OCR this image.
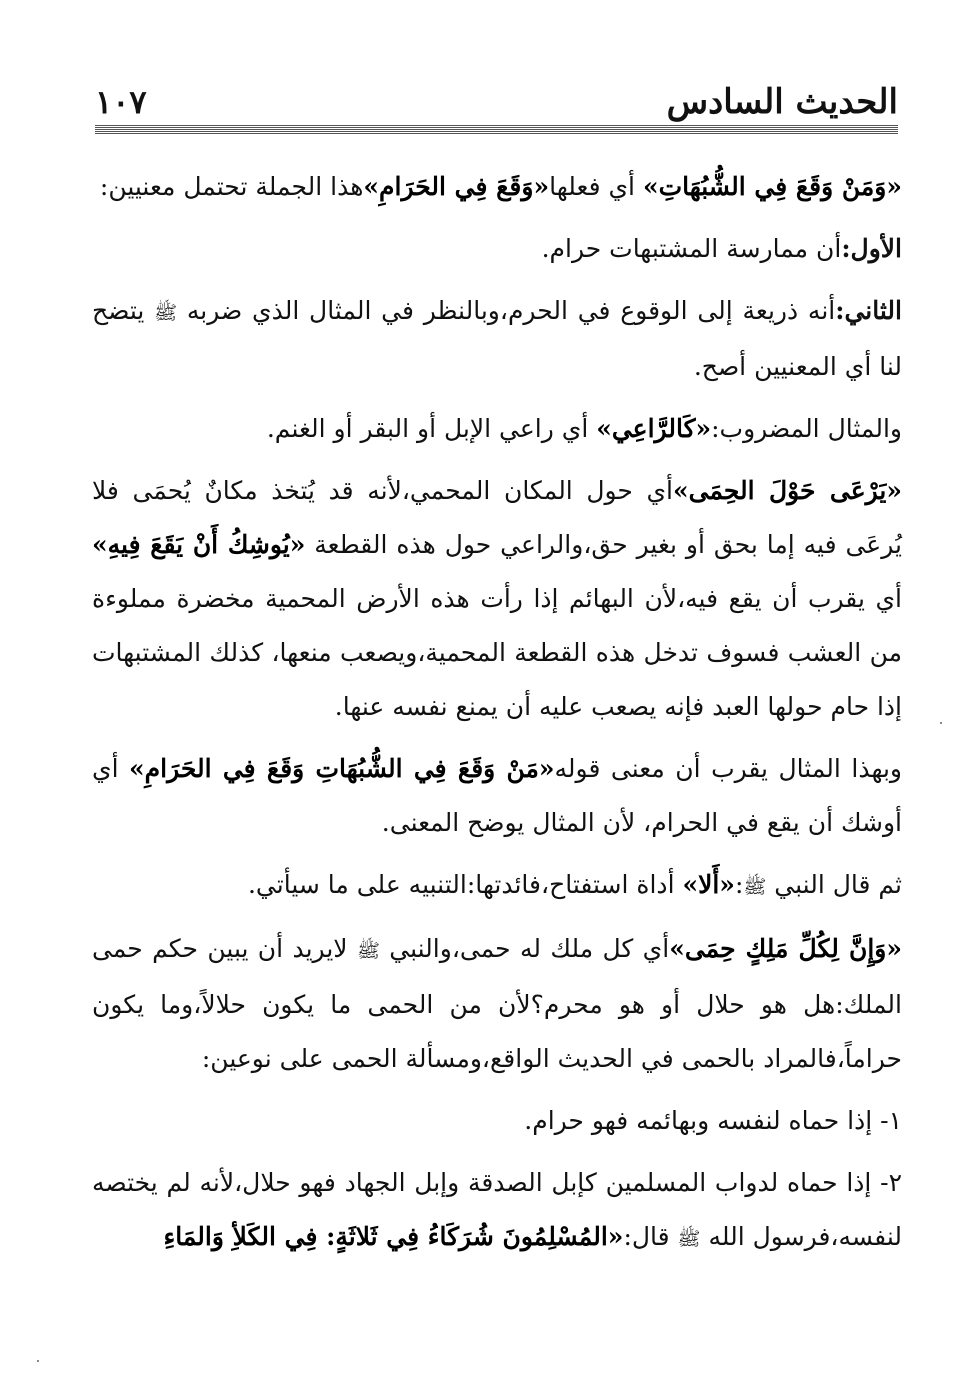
الحديث السادس
١٠٧

«وَمَنْ وَقَعَ فِي الشُّبُهَاتِ» أي فعلها«وَقَعَ فِي الحَرَامِ»هذا الجملة تحتمل معنيين:

الأول:أن ممارسة المشتبهات حرام.

الثاني:أنه ذريعة إلى الوقوع في الحرم،وبالنظر في المثال الذي ضربه ﷺ يتضح لنا أي المعنيين أصح.

والمثال المضروب:«كَالرَّاعِي» أي راعي الإبل أو البقر أو الغنم.

«يَرْعَى حَوْلَ الحِمَى»أي حول المكان المحمي،لأنه قد يُتخذ مكانٌ يُحمَى فلا يُرعَى فيه إما بحق أو بغير حق،والراعي حول هذه القطعة «يُوشِكُ أَنْ يَقَعَ فِيهِ» أي يقرب أن يقع فيه،لأن البهائم إذا رأت هذه الأرض المحمية مخضرة مملوءة من العشب فسوف تدخل هذه القطعة المحمية،ويصعب منعها، كذلك المشتبهات إذا حام حولها العبد فإنه يصعب عليه أن يمنع نفسه عنها.

وبهذا المثال يقرب أن معنى قوله«مَنْ وَقَعَ فِي الشُّبُهَاتِ وَقَعَ فِي الحَرَامِ» أي أوشك أن يقع في الحرام، لأن المثال يوضح المعنى.

ثم قال النبي ﷺ:«أَلا» أداة استفتاح،فائدتها:التنبيه على ما سيأتي.

«وَإِنَّ لِكُلِّ مَلِكٍ حِمَى»أي كل ملك له حمى،والنبي ﷺ لايريد أن يبين حكم حمى الملك:هل هو حلال أو هو محرم؟لأن من الحمى ما يكون حلالاً،وما يكون حراماً،فالمراد بالحمى في الحديث الواقع،ومسألة الحمى على نوعين:

١- إذا حماه لنفسه وبهائمه فهو حرام.

٢- إذا حماه لدواب المسلمين كإبل الصدقة وإبل الجهاد فهو حلال،لأنه لم يختصه لنفسه،فرسول الله ﷺ قال:«المُسْلِمُونَ شُرَكَاءُ فِي ثَلاثَةٍ: فِي الكَلأِ وَالمَاءِ
